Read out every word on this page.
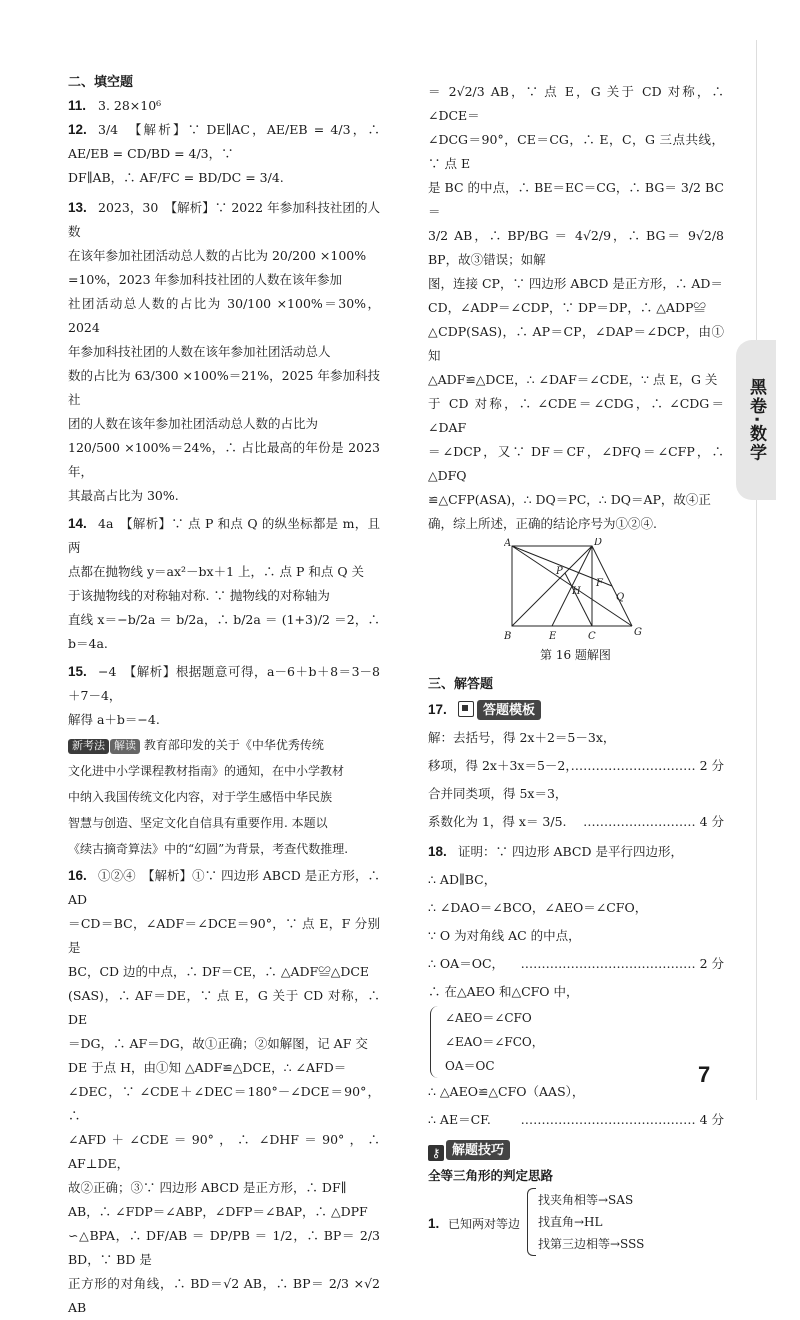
二、填空题

11. 3. 28×10⁶

12. 3/4　【解析】∵ DE∥AC，AE/EB = 4/3，∴ AE/EB = CD/BD = 4/3，∵

DF∥AB，∴ AF/FC = BD/DC = 3/4.

13. 2023，30　【解析】∵ 2022 年参加科技社团的人数

在该年参加社团活动总人数的占比为 20/200 ×100%

=10%，2023 年参加科技社团的人数在该年参加

社团活动总人数的占比为 30/100 ×100%＝30%，2024

年参加科技社团的人数在该年参加社团活动总人

数的占比为 63/300 ×100%＝21%，2025 年参加科技社

团的人数在该年参加社团活动总人数的占比为

120/500 ×100%＝24%，∴ 占比最高的年份是 2023 年，

其最高占比为 30%.

14. 4a　【解析】∵ 点 P 和点 Q 的纵坐标都是 m，且两

点都在抛物线 y＝ax²－bx＋1 上，∴ 点 P 和点 Q 关

于该抛物线的对称轴对称. ∵ 抛物线的对称轴为

直线 x＝−b/2a ＝ b/2a，∴ b/2a ＝ (1+3)/2 ＝2，∴ b＝4a.

15. −4　【解析】根据题意可得，a－6＋b＋8＝3－8＋7－4，

解得 a＋b＝−4.

新考法 解读 教育部印发的关于《中华优秀传统

文化进中小学课程教材指南》的通知，在中小学教材

中纳入我国传统文化内容，对于学生感悟中华民族

智慧与创造、坚定文化自信具有重要作用. 本题以

《续古摘奇算法》中的“幻圆”为背景，考查代数推理.

16. ①②④　【解析】①∵ 四边形 ABCD 是正方形，∴ AD

＝CD＝BC，∠ADF＝∠DCE＝90°，∵ 点 E，F 分别是

BC，CD 边的中点，∴ DF＝CE，∴ △ADF≌△DCE

(SAS)，∴ AF＝DE，∵ 点 E，G 关于 CD 对称，∴ DE

＝DG，∴ AF＝DG，故①正确；②如解图，记 AF 交

DE 于点 H，由①知 △ADF≌△DCE，∴ ∠AFD＝

∠DEC，∵ ∠CDE＋∠DEC＝180°－∠DCE＝90°，∴

∠AFD＋∠CDE＝90°，∴ ∠DHF＝90°，∴ AF⊥DE，

故②正确；③∵ 四边形 ABCD 是正方形，∴ DF∥

AB，∴ ∠FDP＝∠ABP，∠DFP＝∠BAP，∴ △DPF

∽△BPA，∴ DF/AB ＝ DP/PB ＝ 1/2，∴ BP＝ 2/3 BD，∵ BD 是

正方形的对角线，∴ BD＝√2 AB，∴ BP＝ 2/3 ×√2 AB

＝ 2√2/3 AB，∵ 点 E，G 关于 CD 对称，∴ ∠DCE＝

∠DCG＝90°，CE＝CG，∴ E，C，G 三点共线，∵ 点 E

是 BC 的中点，∴ BE＝EC＝CG，∴ BG＝ 3/2 BC＝

3/2 AB，∴ BP/BG ＝ 4√2/9，∴ BG＝ 9√2/8 BP，故③错误；如解

图，连接 CP，∵ 四边形 ABCD 是正方形，∴ AD＝

CD，∠ADP＝∠CDP，∵ DP＝DP，∴ △ADP≌

△CDP(SAS)，∴ AP＝CP，∠DAP＝∠DCP，由①知

△ADF≌△DCE，∴ ∠DAF＝∠CDE，∵ 点 E，G 关

于 CD 对称，∴ ∠CDE＝∠CDG，∴ ∠CDG＝∠DAF

＝∠DCP，又∵ DF＝CF，∠DFQ＝∠CFP，∴ △DFQ

≌△CFP(ASA)，∴ DQ＝PC，∴ DQ＝AP，故④正

确，综上所述，正确的结论序号为①②④.

A	D
P
H
F
Q
B	E	C	G

第 16 题解图

三、解答题

17.	答题模板

解：去括号，得 2x＋2＝5－3x，

移项，得 2x＋3x＝5－2，
………………………… 2 分

合并同类项，得 5x＝3，

系数化为 1，得 x＝ 3/5. ……………………… 4 分

18. 证明：∵ 四边形 ABCD 是平行四边形，

∴ AD∥BC，

∴ ∠DAO＝∠BCO，∠AEO＝∠CFO，

∵ O 为对角线 AC 的中点，

∴ OA＝OC， …………………………………… 2 分

∴ 在△AEO 和△CFO 中，

∠AEO＝∠CFO

∠EAO＝∠FCO，

OA＝OC

∴ △AEO≌△CFO（AAS），

∴ AE＝CF. …………………………………… 4 分

⚷ 解题技巧

全等三角形的判定思路

1. 已知两对等边

找夹角相等→SAS

找直角→HL

找第三边相等→SSS

黑卷·数学
7
